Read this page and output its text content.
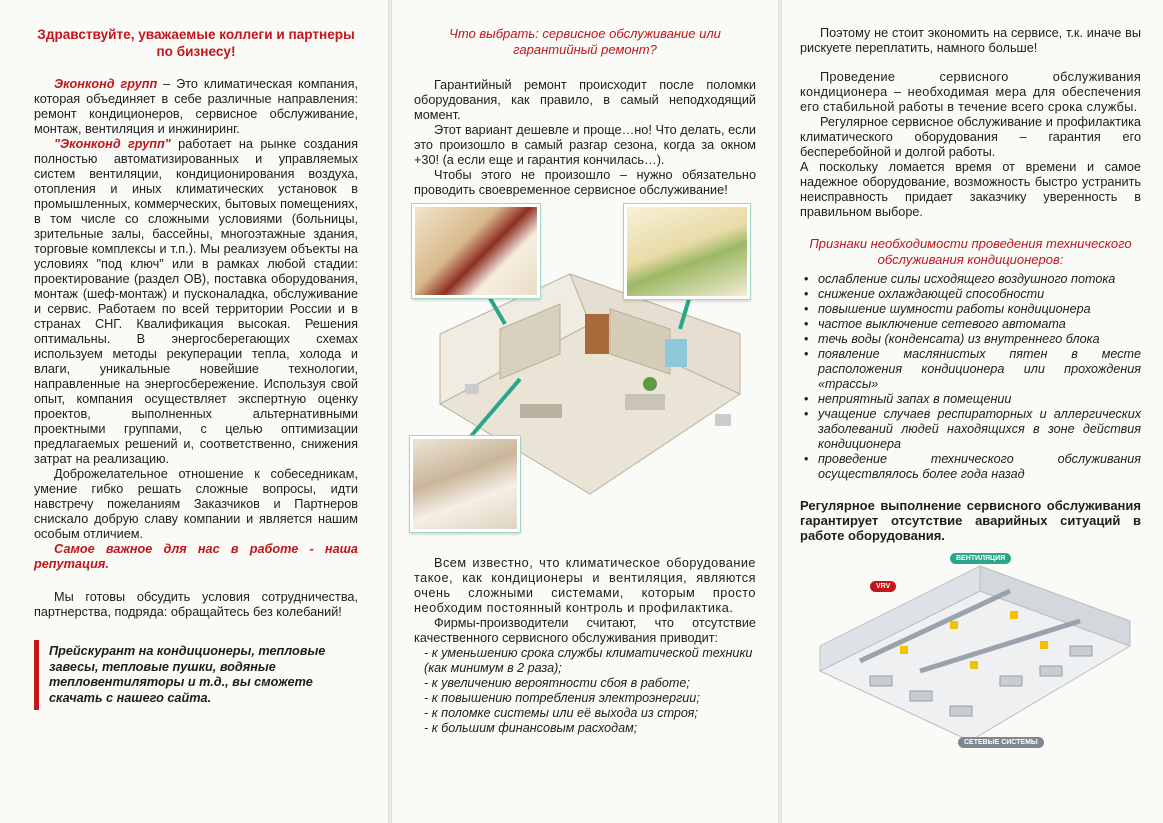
Здравствуйте, уважаемые коллеги и партнеры по бизнесу!

Эконконд групп – Это климатическая компания, которая объединяет в себе различные направления: ремонт кондиционеров, сервисное обслуживание, монтаж, вентиляция и инжиниринг.

"Эконконд групп" работает на рынке создания полностью автоматизированных и управляемых систем вентиляции, кондиционирования воздуха, отопления и иных климатических установок в промышленных, коммерческих, бытовых помещениях, в том числе со сложными условиями (больницы, зрительные залы, бассейны, многоэтажные здания, торговые комплексы и т.п.). Мы реализуем объекты на условиях "под ключ" или в рамках любой стадии: проектирование (раздел ОВ), поставка оборудования, монтаж (шеф-монтаж) и пусконаладка, обслуживание и сервис. Работаем по всей территории России и в странах СНГ. Квалификация высокая. Решения оптимальны. В энергосберегающих схемах используем методы рекуперации тепла, холода и влаги, уникальные новейшие технологии, направленные на энергосбережение. Используя свой опыт, компания осуществляет экспертную оценку проектов, выполненных альтернативными проектными группами, с целью оптимизации предлагаемых решений и, соответственно, снижения затрат на реализацию.

Доброжелательное отношение к собеседникам, умение гибко решать сложные вопросы, идти навстречу пожеланиям Заказчиков и Партнеров снискало добрую славу компании и является нашим особым отличием.

Самое важное для нас в работе - наша репутация.

Мы готовы обсудить условия сотрудничества, партнерства, подряда: обращайтесь без колебаний!

Прейскурант на кондиционеры, тепловые завесы, тепловые пушки, водяные тепловентиляторы и т.д., вы сможете скачать с нашего сайта.
Что выбрать: сервисное обслуживание или гарантийный ремонт?

Гарантийный ремонт происходит после поломки оборудования, как правило, в самый неподходящий момент.

Этот вариант дешевле и проще…но! Что делать, если это произошло в самый разгар сезона, когда за окном +30! (а если еще и гарантия кончилась…).

Чтобы этого не произошло – нужно обязательно проводить своевременное сервисное обслуживание!

Всем известно, что климатическое оборудование такое, как кондиционеры и вентиляция, являются очень сложными системами, которым просто необходим постоянный контроль и профилактика.

Фирмы-производители считают, что отсутствие качественного сервисного обслуживания приводит:

- к уменьшению срока службы климатической техники (как минимум в 2 раза);
- к увеличению вероятности сбоя в работе;
- к повышению потребления электроэнергии;
- к поломке системы или её выхода из строя;
- к большим финансовым расходам;

Поэтому не стоит экономить на сервисе, т.к. иначе вы рискуете переплатить, намного больше!

Проведение сервисного обслуживания кондиционера – необходимая мера для обеспечения его стабильной работы в течение всего срока службы.

Регулярное сервисное обслуживание и профилактика климатического оборудования – гарантия его бесперебойной и долгой работы.

А поскольку ломается время от времени и самое надежное оборудование, возможность быстро устранить неисправность придает заказчику уверенность в правильном выборе.

Признаки необходимости проведения технического обслуживания кондиционеров:
• ослабление силы исходящего воздушного потока
• снижение охлаждающей способности
• повышение шумности работы кондиционера
• частое выключение сетевого автомата
• течь воды (конденсата) из внутреннего блока
• появление маслянистых пятен в месте расположения кондиционера или прохождения «трассы»
• неприятный запах в помещении
• учащение случаев респираторных и аллергических заболеваний людей находящихся в зоне действия кондиционера
• проведение технического обслуживания осуществлялось более года назад

Регулярное выполнение сервисного обслуживания гарантирует отсутствие аварийных ситуаций в работе оборудования.

ВЕНТИЛЯЦИЯ
VRV
СЕТЕВЫЕ СИСТЕМЫ
